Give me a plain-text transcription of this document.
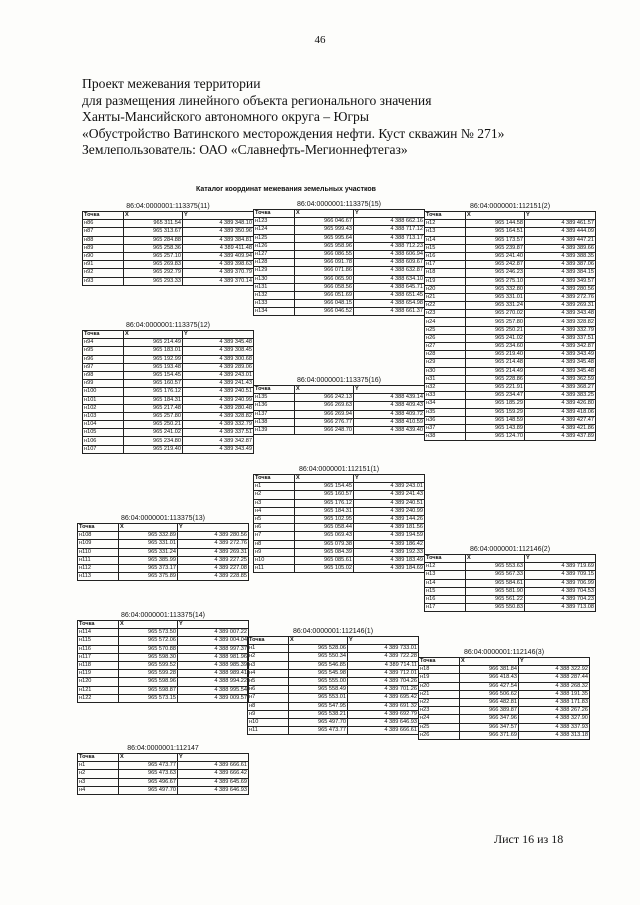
46
Проект межевания территории
для размещения линейного объекта регионального значения
Ханты-Мансийского автономного округа – Югры
«Обустройство Ватинского месторождения нефти. Куст скважин № 271»
Землепользователь: ОАО «Славнефть-Мегионнефтегаз»
Каталог координат межевания земельных участков
86:04:0000001:113375(11)
Точка	X	Y
н86	965 311.54	4 389 348.10
н87	965 313.67	4 389 350.96
н88	965 284.88	4 389 384.81
н89	965 258.36	4 389 411.48
н90	965 257.10	4 389 409.94
н91	965 269.83	4 389 398.63
н92	965 292.79	4 389 370.79
н93	965 293.33	4 389 370.14
86:04:0000001:113375(12)
Точка	X	Y
н94	965 214.49	4 389 345.48
н95	965 183.01	4 389 308.45
н96	965 192.99	4 389 300.68
н97	965 193.48	4 389 289.06
н98	965 154.45	4 389 243.01
н99	965 160.57	4 389 241.43
н100	965 176.12	4 389 240.51
н101	965 184.31	4 389 240.99
н102	965 217.48	4 389 280.48
н103	965 257.80	4 389 328.82
н104	965 250.21	4 389 332.79
н105	965 241.02	4 389 337.51
н106	965 234.80	4 389 342.87
н107	965 219.40	4 389 343.49
86:04:0000001:113375(13)
Точка	X	Y
н108	965 332.89	4 389 280.56
н109	965 331.01	4 389 272.76
н110	965 331.24	4 389 269.31
н111	965 385.99	4 389 227.25
н112	965 373.17	4 389 227.08
н113	965 375.89	4 389 228.85
86:04:0000001:113375(14)
Точка	X	Y
н114	965 573.50	4 389 007.22
н115	965 572.06	4 389 004.04
н116	965 570.88	4 388 997.37
н117	965 598.30	4 388 981.96
н118	965 599.52	4 388 985.39
н119	965 599.28	4 388 989.41
н120	965 598.96	4 388 994.22
н121	965 598.87	4 388 995.54
н122	965 573.15	4 389 009.57
86:04:0000001:112147
Точка	X	Y
н1	965 473.77	4 389 666.61
н2	965 473.63	4 389 666.42
н3	965 496.67	4 389 645.69
н4	965 497.70	4 389 646.93
86:04:0000001:113375(15)
Точка	X	Y
н123	966 046.67	4 388 662.16
н124	965 999.43	4 388 717.12
н125	965 995.64	4 388 713.17
н126	965 958.96	4 388 712.23
н127	966 086.55	4 388 606.94
н128	966 091.78	4 388 609.67
н129	966 071.86	4 388 632.87
н130	966 065.90	4 388 634.10
н131	966 058.56	4 388 645.71
н132	966 051.69	4 388 651.45
н133	966 048.15	4 388 654.98
н134	966 046.52	4 388 661.37
86:04:0000001:113375(16)
Точка	X	Y
н135	966 242.13	4 388 439.14
н136	966 269.63	4 388 409.43
н137	966 269.94	4 388 409.72
н138	966 276.77	4 388 410.59
н139	966 248.70	4 388 439.40
86:04:0000001:112151(1)
Точка	X	Y
н1	965 154.45	4 389 243.01
н2	965 160.57	4 389 241.43
н3	965 176.12	4 389 240.51
н4	965 184.31	4 389 240.99
н5	965 102.95	4 389 144.26
н6	965 058.44	4 389 181.56
н7	965 069.43	4 389 194.59
н8	965 079.38	4 389 186.42
н9	965 084.39	4 389 192.33
н10	965 085.61	4 389 183.49
н11	965 105.02	4 389 184.69
86:04:0000001:112146(1)
Точка	X	Y
н1	965 528.06	4 389 733.01
н2	965 550.34	4 389 722.28
н3	965 546.85	4 389 714.11
н4	965 545.98	4 389 712.01
н5	965 555.00	4 389 704.26
н6	965 558.49	4 389 701.26
н7	965 553.01	4 389 695.42
н8	965 547.95	4 389 691.32
н9	965 538.21	4 389 692.79
н10	965 497.70	4 389 646.93
н11	965 473.77	4 389 666.61
86:04:0000001:112151(2)
Точка	X	Y
н12	965 144.58	4 389 461.57
н13	965 164.51	4 389 444.09
н14	965 173.57	4 389 447.21
н15	965 239.87	4 389 389.66
н16	965 241.40	4 389 388.35
н17	965 242.87	4 389 387.06
н18	965 246.23	4 389 384.15
н19	965 275.10	4 389 349.57
н20	965 332.80	4 389 280.56
н21	965 331.01	4 389 272.76
н22	965 331.24	4 389 269.31
н23	965 270.02	4 389 343.48
н24	965 257.80	4 389 328.82
н25	965 250.21	4 389 332.79
н26	965 241.02	4 389 337.51
н27	965 234.60	4 389 342.87
н28	965 219.40	4 389 343.49
н29	965 214.48	4 389 345.48
н30	965 214.49	4 389 345.48
н31	965 228.86	4 389 362.59
н32	965 221.91	4 389 368.27
н33	965 234.47	4 389 383.25
н34	965 185.29	4 389 426.80
н35	965 159.29	4 389 418.06
н36	965 148.59	4 389 427.47
н37	965 143.89	4 389 421.86
н38	965 124.70	4 389 437.89
86:04:0000001:112146(2)
Точка	X	Y
н12	965 553.63	4 389 719.69
н13	965 567.33	4 389 709.15
н14	965 584.61	4 389 706.99
н15	965 581.90	4 389 704.53
н16	965 561.22	4 389 704.23
н17	965 550.83	4 389 713.08
86:04:0000001:112146(3)
Точка	X	Y
н18	966 381.84	4 388 322.92
н19	966 418.43	4 388 287.44
н20	966 427.54	4 388 268.32
н21	966 506.62	4 388 191.35
н22	966 482.81	4 388 171.83
н23	966 389.87	4 388 267.26
н24	966 347.96	4 388 327.90
н25	966 347.57	4 388 337.93
н26	966 371.69	4 388 313.18
Лист 16 из 18
